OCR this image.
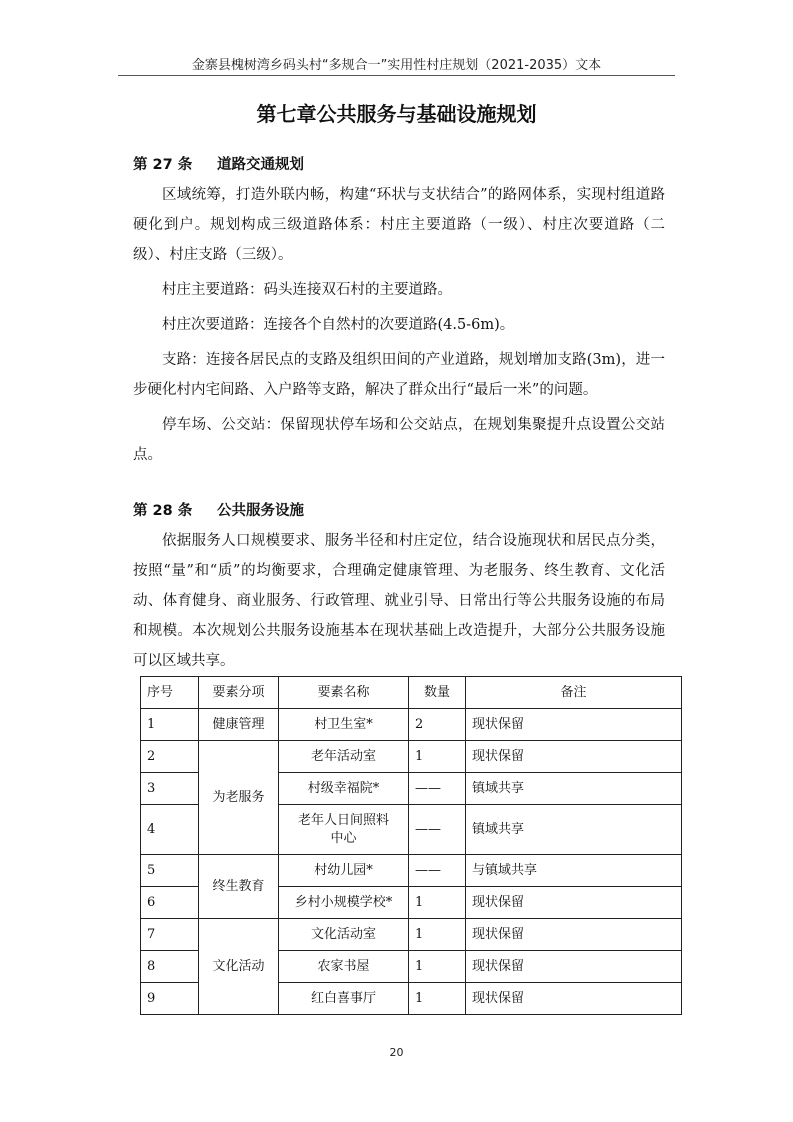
金寨县槐树湾乡码头村“多规合一”实用性村庄规划（2021-2035）文本
第七章公共服务与基础设施规划
第 27 条 道路交通规划

区域统筹，打造外联内畅，构建“环状与支状结合”的路网体系，实现村组道路硬化到户。规划构成三级道路体系：村庄主要道路（一级）、村庄次要道路（二级）、村庄支路（三级）。

村庄主要道路：码头连接双石村的主要道路。

村庄次要道路：连接各个自然村的次要道路(4.5-6m)。

支路：连接各居民点的支路及组织田间的产业道路，规划增加支路(3m)，进一步硬化村内宅间路、入户路等支路，解决了群众出行“最后一米”的问题。

停车场、公交站：保留现状停车场和公交站点，在规划集聚提升点设置公交站点。

第 28 条 公共服务设施

依据服务人口规模要求、服务半径和村庄定位，结合设施现状和居民点分类，按照“量”和“质”的均衡要求，合理确定健康管理、为老服务、终生教育、文化活动、体育健身、商业服务、行政管理、就业引导、日常出行等公共服务设施的布局和规模。本次规划公共服务设施基本在现状基础上改造提升，大部分公共服务设施可以区域共享。

序号	要素分项	要素名称	数量	备注
1	健康管理	村卫生室*	2	现状保留
2	为老服务	老年活动室	1	现状保留
3		村级幸福院*	——	镇域共享
4		老年人日间照料中心	——	镇域共享
5	终生教育	村幼儿园*	——	与镇域共享
6		乡村小规模学校*	1	现状保留
7	文化活动	文化活动室	1	现状保留
8		农家书屋	1	现状保留
9		红白喜事厅	1	现状保留
20
